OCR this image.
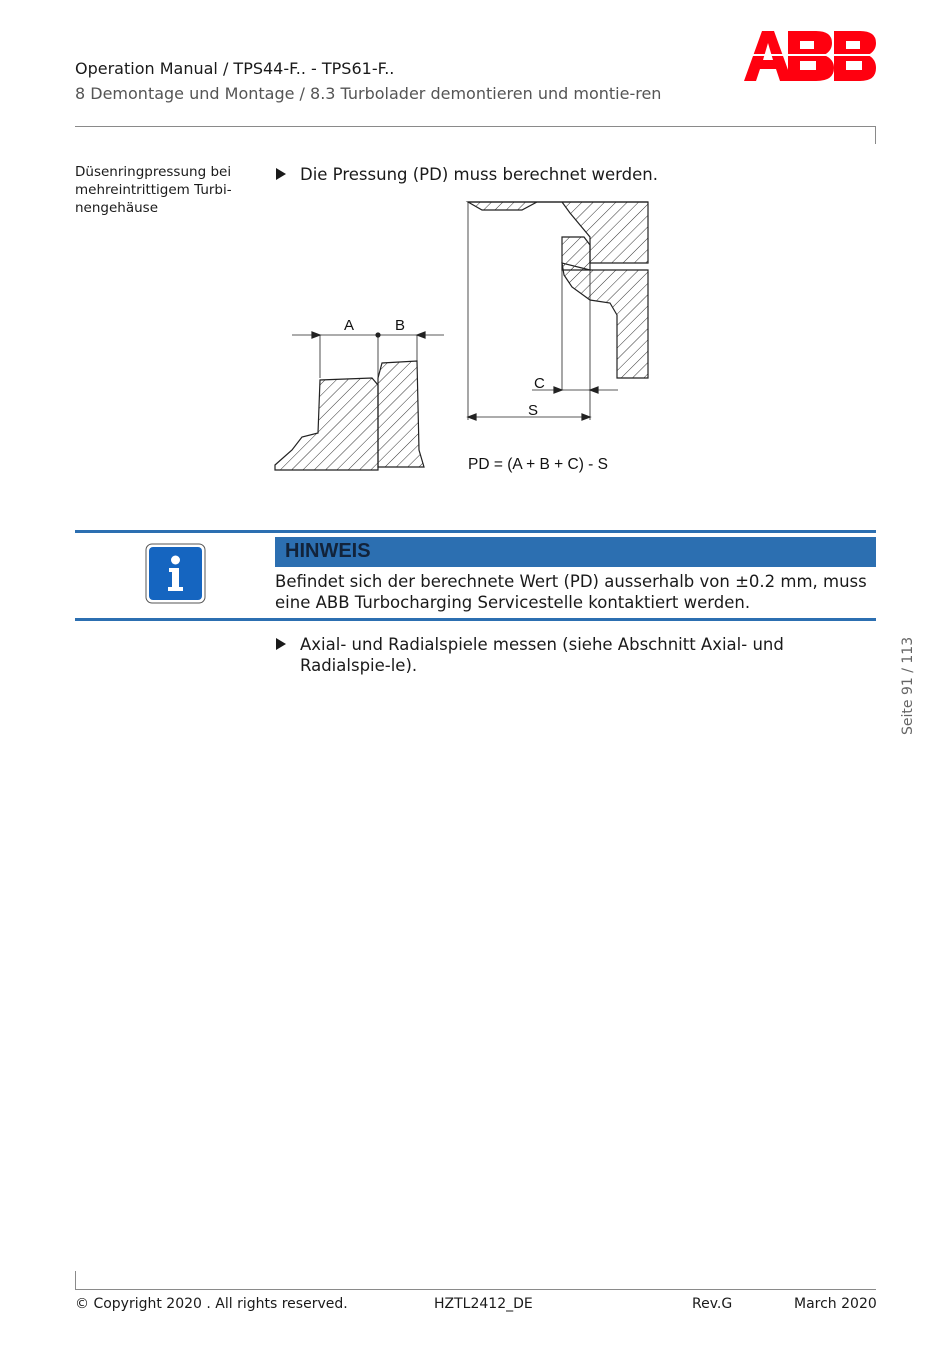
Operation Manual / TPS44-F.. - TPS61-F..
8 Demontage und Montage / 8.3 Turbolader demontieren und montie-ren
Düsenringpressung bei mehreintrittigem Turbi-nengehäuse
Die Pressung (PD) muss berechnet werden.
A	B
C
S
PD = (A + B + C) - S
HINWEIS
Befindet sich der berechnete Wert (PD) ausserhalb von ±0.2 mm, muss eine ABB Turbocharging Servicestelle kontaktiert werden.
Axial- und Radialspiele messen (siehe Abschnitt Axial- und Radialspie-le).	Seite 91 / 113
© Copyright 2020 . All rights reserved.	HZTL2412_DE	Rev.G	March 2020
